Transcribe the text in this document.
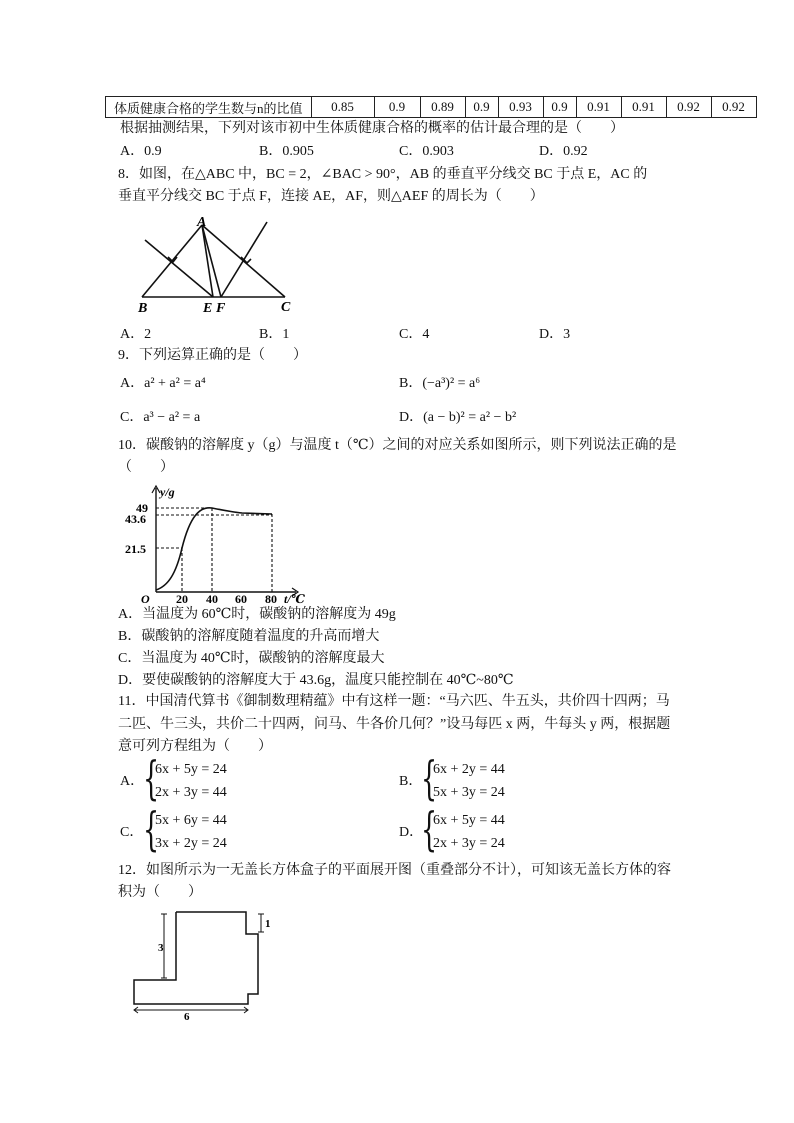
体质健康合格的学生数与n的比值	0.85	0.9	0.89	0.9	0.93	0.9	0.91	0.91	0.92	0.92
根据抽测结果，下列对该市初中生体质健康合格的概率的估计最合理的是（　　）
A．0.9	B．0.905	C．0.903	D．0.92
8．如图，在△ABC 中，BC = 2，∠BAC > 90°，AB 的垂直平分线交 BC 于点 E，AC 的
垂直平分线交 BC 于点 F，连接 AE，AF，则△AEF 的周长为（　　）
A
B	E F	C
A．2	B．1	C．4	D．3
9．下列运算正确的是（　　）
A．a² + a² = a⁴	B．(−a³)² = a⁶
C．a³ − a² = a	D．(a − b)² = a² − b²
10．碳酸钠的溶解度 y（g）与温度 t（℃）之间的对应关系如图所示，则下列说法正确的是
（　　）
y/g
t/℃
O
49
43.6
21.5
20 40 60 80
A．当温度为 60℃时，碳酸钠的溶解度为 49g
B．碳酸钠的溶解度随着温度的升高而增大
C．当温度为 40℃时，碳酸钠的溶解度最大
D．要使碳酸钠的溶解度大于 43.6g，温度只能控制在 40℃~80℃
11．中国清代算书《御制数理精蕴》中有这样一题：“马六匹、牛五头，共价四十四两；马
二匹、牛三头，共价二十四两，问马、牛各价几何？”设马每匹 x 两，牛每头 y 两，根据题
意可列方程组为（　　）
A．
{
6x + 5y = 24
2x + 3y = 44
B．
{
6x + 2y = 44
5x + 3y = 24
C． {
5x + 6y = 44
3x + 2y = 24
D．
{
6x + 5y = 44
2x + 3y = 24
12．如图所示为一无盖长方体盒子的平面展开图（重叠部分不计），可知该无盖长方体的容
积为（　　）
3
1
6
